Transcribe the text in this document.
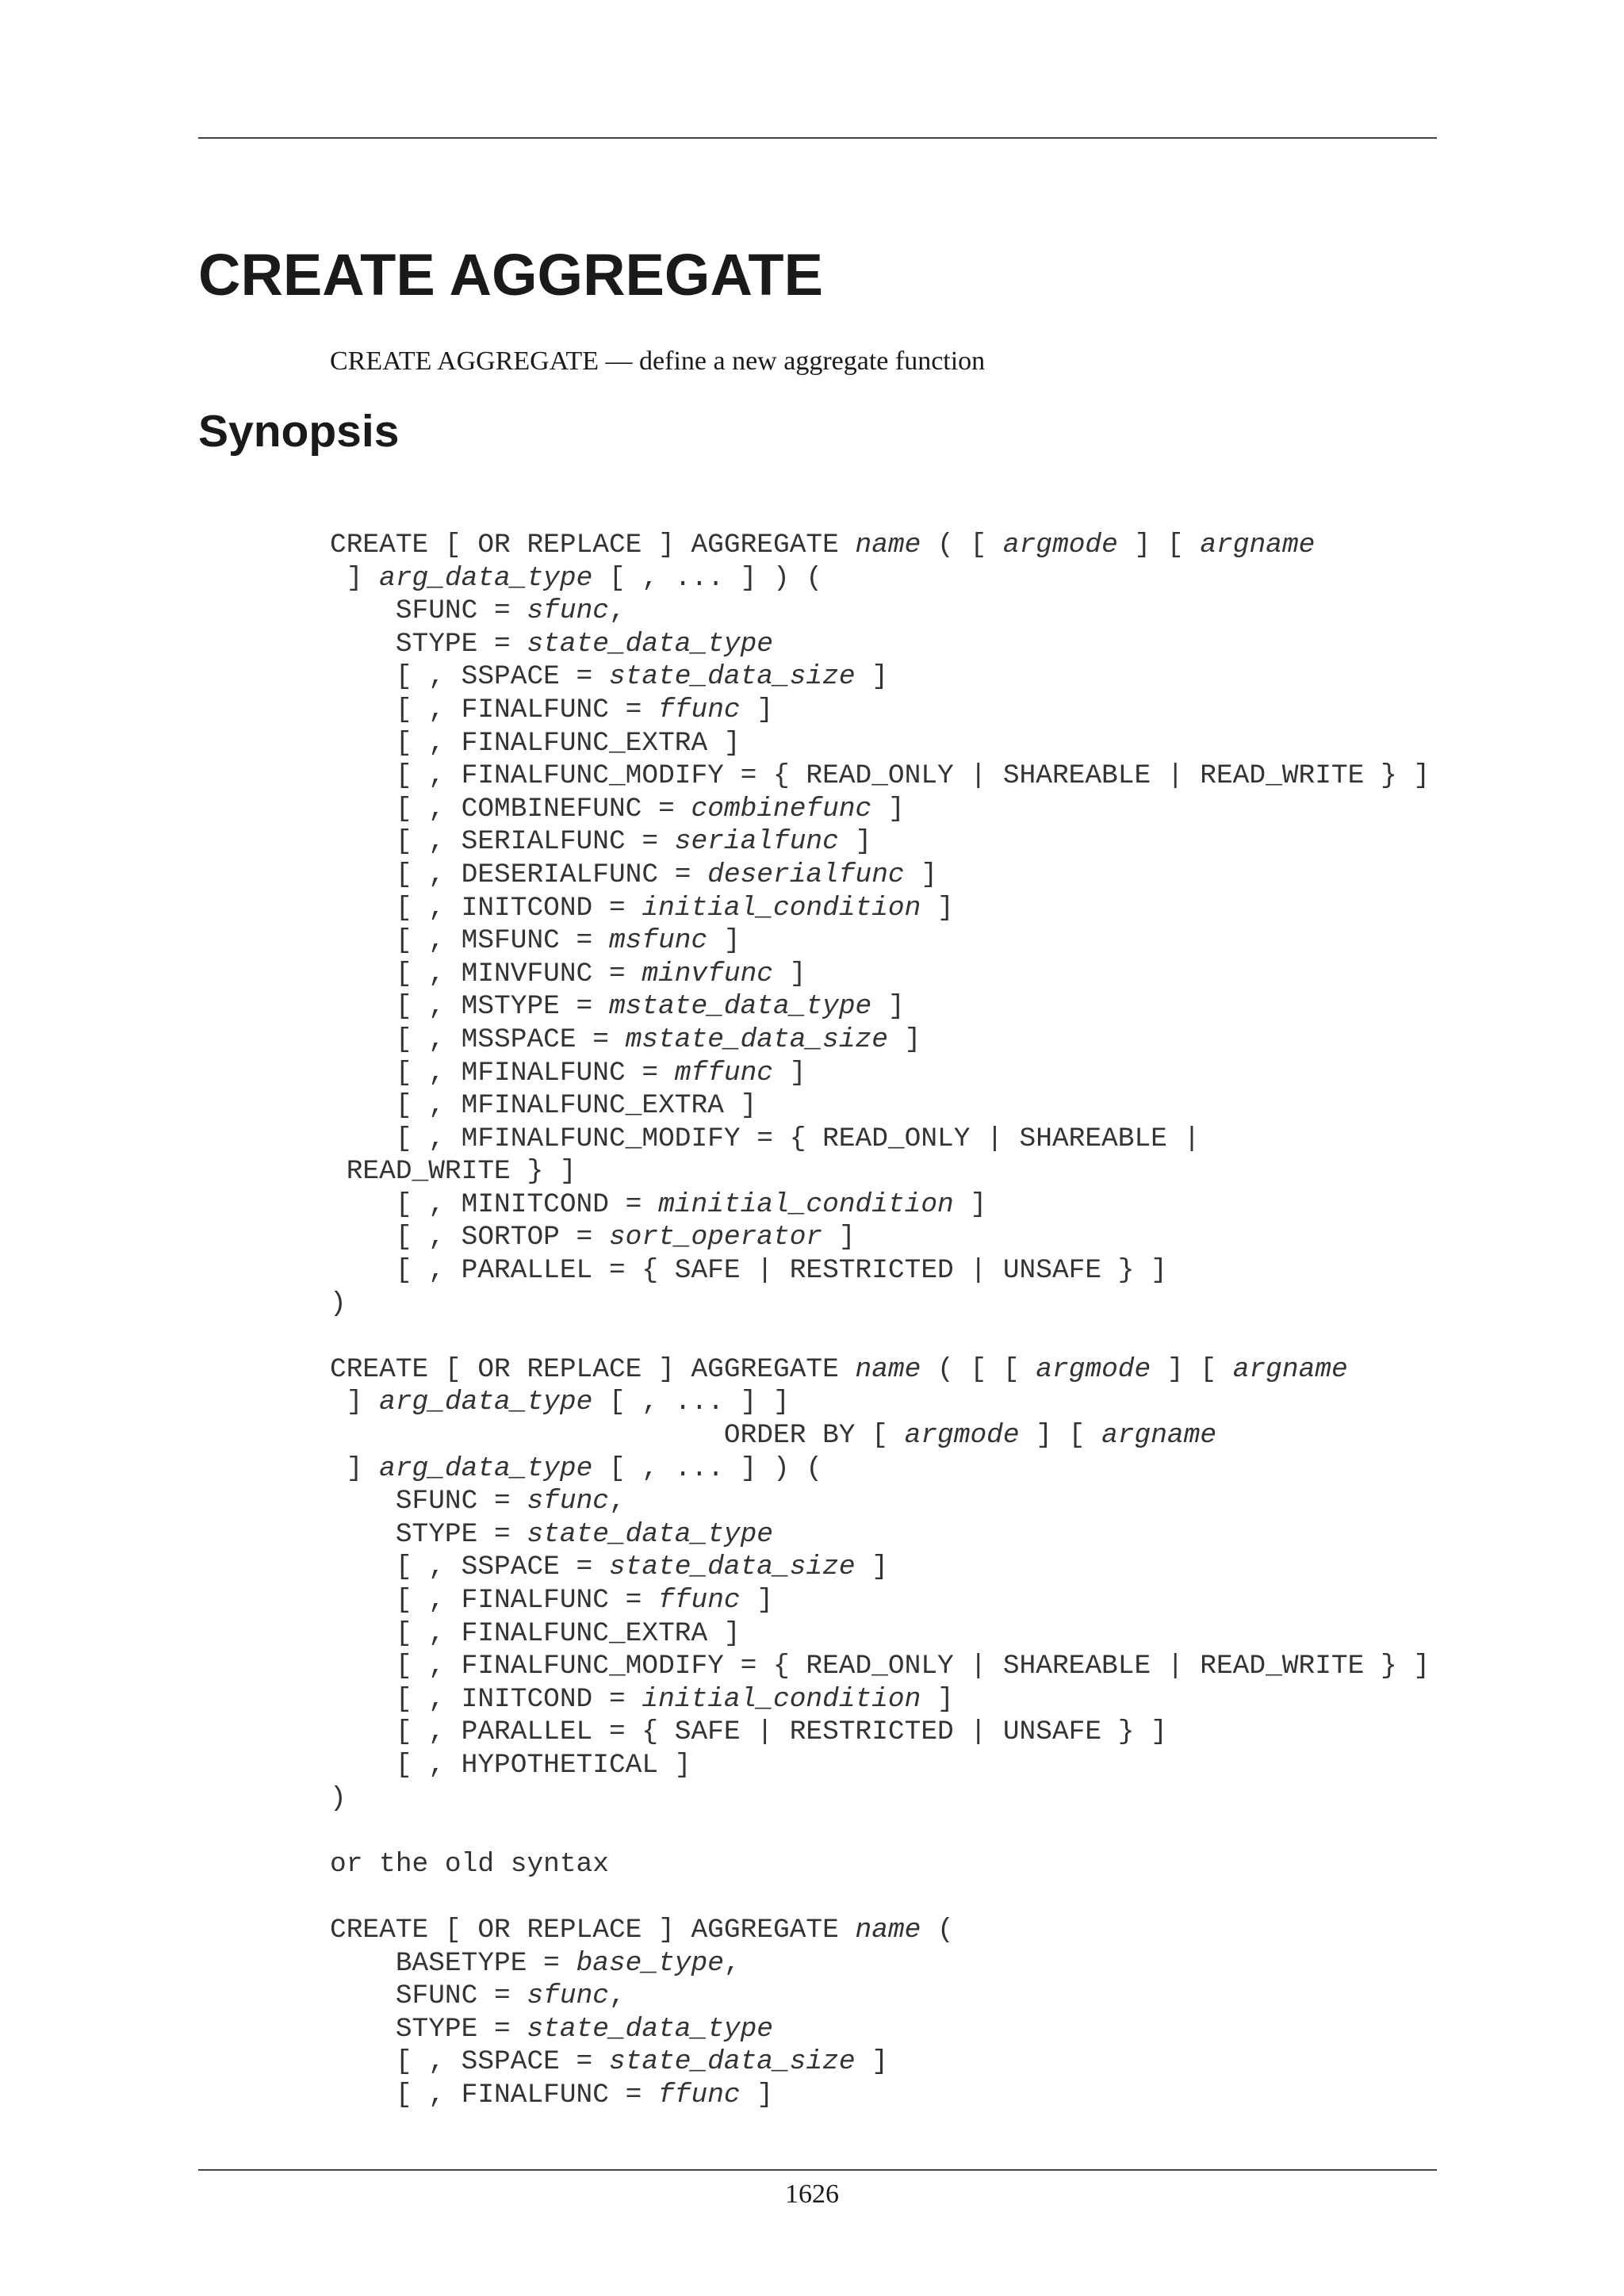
CREATE AGGREGATE

CREATE AGGREGATE — define a new aggregate function

Synopsis
CREATE [ OR REPLACE ] AGGREGATE name ( [ argmode ] [ argname
] arg_data_type [ , ... ] ) (
SFUNC = sfunc,
STYPE = state_data_type
[ , SSPACE = state_data_size ]
[ , FINALFUNC = ffunc ]
[ , FINALFUNC_EXTRA ]
[ , FINALFUNC_MODIFY = { READ_ONLY | SHAREABLE | READ_WRITE } ]
[ , COMBINEFUNC = combinefunc ]
[ , SERIALFUNC = serialfunc ]
[ , DESERIALFUNC = deserialfunc ]
[ , INITCOND = initial_condition ]
[ , MSFUNC = msfunc ]
[ , MINVFUNC = minvfunc ]
[ , MSTYPE = mstate_data_type ]
[ , MSSPACE = mstate_data_size ]
[ , MFINALFUNC = mffunc ]
[ , MFINALFUNC_EXTRA ]
[ , MFINALFUNC_MODIFY = { READ_ONLY | SHAREABLE |
READ_WRITE } ]
[ , MINITCOND = minitial_condition ]
[ , SORTOP = sort_operator ]
[ , PARALLEL = { SAFE | RESTRICTED | UNSAFE } ]
)
CREATE [ OR REPLACE ] AGGREGATE name ( [ [ argmode ] [ argname
] arg_data_type [ , ... ] ]
ORDER BY [ argmode ] [ argname
] arg_data_type [ , ... ] ) (
SFUNC = sfunc,
STYPE = state_data_type
[ , SSPACE = state_data_size ]
[ , FINALFUNC = ffunc ]
[ , FINALFUNC_EXTRA ]
[ , FINALFUNC_MODIFY = { READ_ONLY | SHAREABLE | READ_WRITE } ]
[ , INITCOND = initial_condition ]
[ , PARALLEL = { SAFE | RESTRICTED | UNSAFE } ]
[ , HYPOTHETICAL ]
)
or the old syntax
CREATE [ OR REPLACE ] AGGREGATE name (
BASETYPE = base_type,
SFUNC = sfunc,
STYPE = state_data_type
[ , SSPACE = state_data_size ]
[ , FINALFUNC = ffunc ]
1626
